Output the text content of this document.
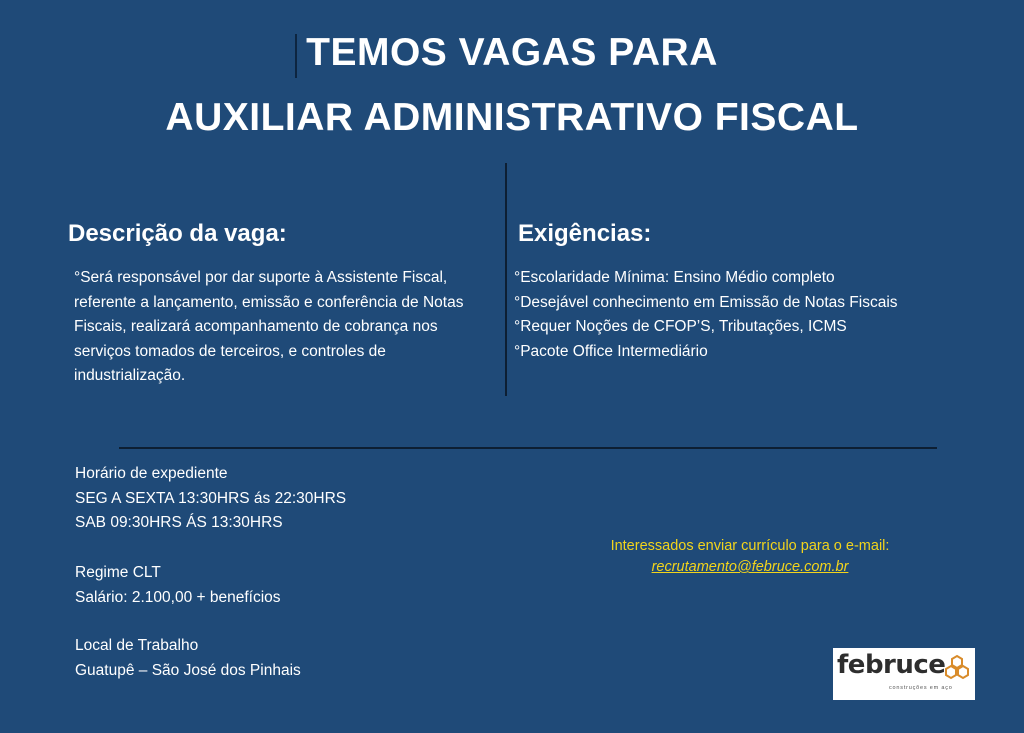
TEMOS VAGAS PARA
AUXILIAR ADMINISTRATIVO FISCAL
Descrição da vaga:

°Será responsável por dar suporte à Assistente Fiscal, referente a lançamento, emissão e conferência de Notas Fiscais, realizará acompanhamento de cobrança nos serviços tomados de terceiros, e controles de industrialização.

Exigências:
°Escolaridade Mínima: Ensino Médio completo
°Desejável conhecimento em Emissão de Notas Fiscais
°Requer Noções de CFOP’S, Tributações, ICMS
°Pacote Office Intermediário
Horário de expediente
SEG A SEXTA 13:30HRS ás 22:30HRS
SAB 09:30HRS ÁS 13:30HRS
Regime CLT
Salário: 2.100,00 + benefícios
Local de Trabalho
Guatupê – São José dos Pinhais
Interessados enviar currículo para o e-mail:
recrutamento@februce.com.br
februce
construções em aço
